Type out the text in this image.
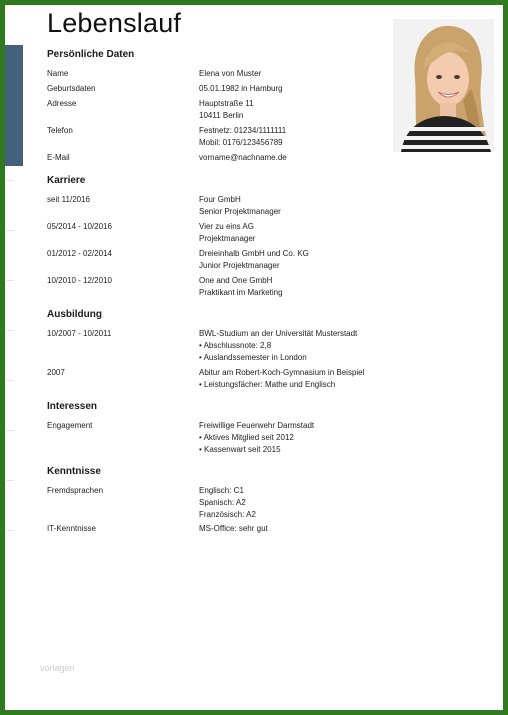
Lebenslauf
Persönliche Daten
Name	Elena von Muster
Geburtsdaten	05.01.1982 in Hamburg
Adresse	Hauptstraße 11
10411 Berlin
Telefon	Festnetz: 01234/1111111
Mobil: 0176/123456789
E-Mail	vorname@nachname.de
Karriere
seit 11/2016	Four GmbH
Senior Projektmanager
05/2014 - 10/2016	Vier zu eins AG
Projektmanager
01/2012 - 02/2014	Dreieinhalb GmbH und Co. KG
Junior Projektmanager
10/2010 - 12/2010	One and One GmbH
Praktikant im Marketing
Ausbildung
10/2007 - 10/2011	BWL-Studium an der Universität Musterstadt
• Abschlussnote: 2,8
• Auslandssemester in London
2007	Abitur am Robert-Koch-Gymnasium in Beispiel
• Leistungsfächer: Mathe und Englisch
Interessen
Engagement	Freiwillige Feuerwehr Darmstadt
• Aktives Mitglied seit 2012
• Kassenwart seit 2015
Kenntnisse
Fremdsprachen	Englisch: C1
Spanisch: A2
Französisch: A2
IT-Kenntnisse	MS-Office: sehr gut
vorlagen
